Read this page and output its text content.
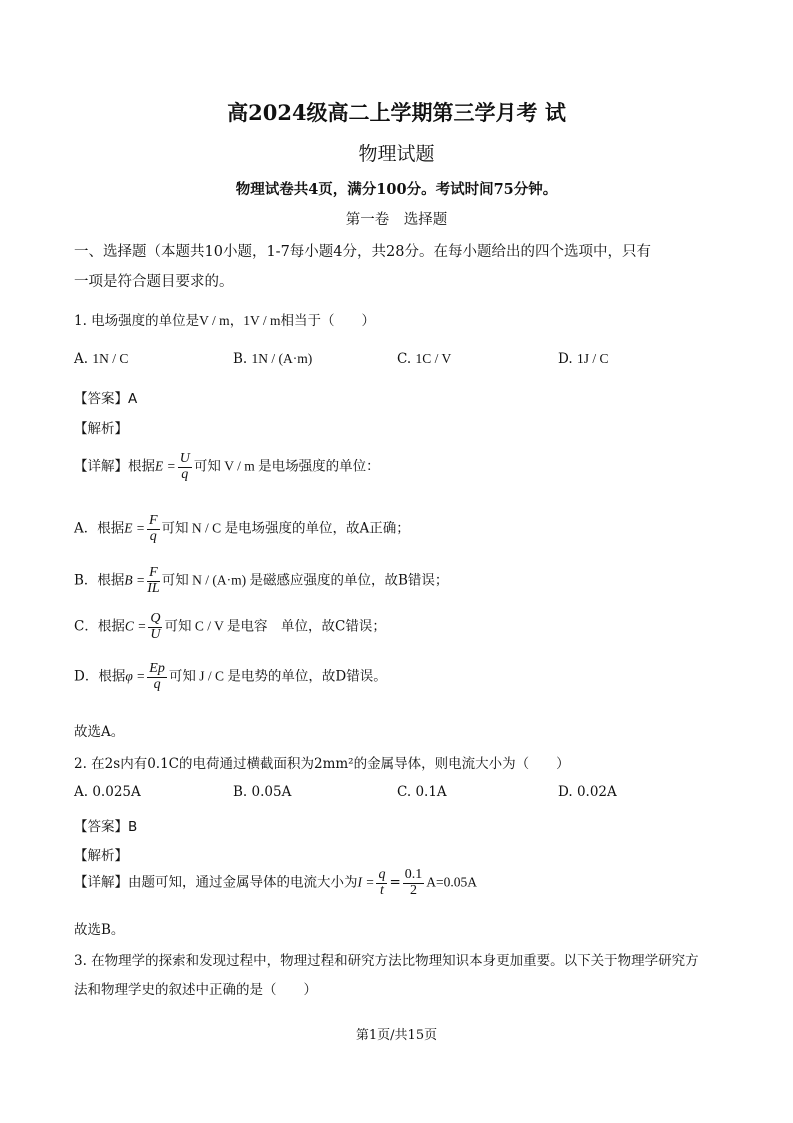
高2024级高二上学期第三学月考 试
物理试题
物理试卷共4页，满分100分。考试时间75分钟。
第一卷　选择题
一、选择题（本题共10小题，1-7每小题4分，共28分。在每小题给出的四个选项中，只有
一项是符合题目要求的。
1. 电场强度的单位是V / m，1V / m相当于（　　）
A. 1N / C	B. 1N / (A·m)	C. 1C / V	D. 1J / C
【答案】A
【解析】
【详解】根据$E = \frac{U}{q}$ 可知 V / m 是电场强度的单位：
A．根据$E = \frac{F}{q}$ 可知 N / C 是电场强度的单位，故A正确；
B．根据$B = \frac{F}{IL}$ 可知 N / (A·m) 是磁感应强度的单位，故B错误；
C．根据$C = \frac{Q}{U}$ 可知 C / V 是电容　单位，故C错误；
D．根据$\varphi = \frac{Ep}{q}$ 可知 J / C 是电势的单位，故D错误。
故选A。
2. 在2s内有0.1C的电荷通过横截面积为2mm²的金属导体，则电流大小为（　　）
A. 0.025A	B. 0.05A	C. 0.1A	D. 0.02A
【答案】B
【解析】
【详解】由题可知，通过金属导体的电流大小为$I = \frac{q}{t} = \frac{0.1}{2} A=0.05A$
故选B。
3. 在物理学的探索和发现过程中，物理过程和研究方法比物理知识本身更加重要。以下关于物理学研究方
法和物理学史的叙述中正确的是（　　）
第1页/共15页
